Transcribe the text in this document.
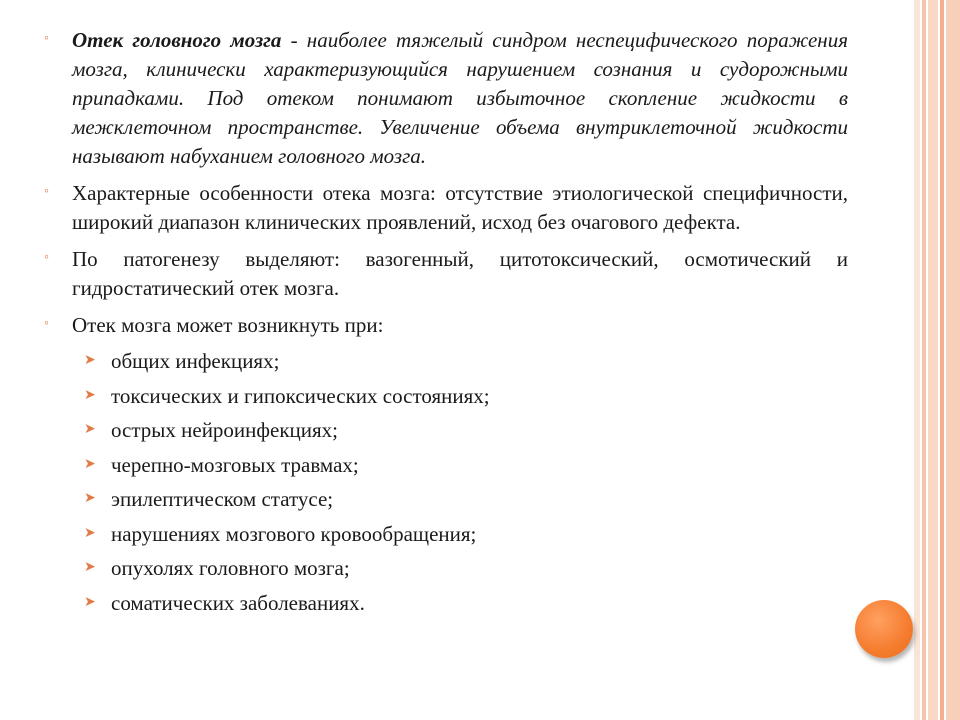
◦ Отек головного мозга - наиболее тяжелый синдром неспецифического поражения мозга, клинически характеризующийся нарушением сознания и судорожными припадками. Под отеком понимают избыточное скопление жидкости в межклеточном пространстве. Увеличение объема внутриклеточной жидкости называют набуханием головного мозга.
◦ Характерные особенности отека мозга: отсутствие этиологической специфичности, широкий диапазон клинических проявлений, исход без очагового дефекта.
◦ По патогенезу выделяют: вазогенный, цитотоксический, осмотический и гидростатический отек мозга.
◦ Отек мозга может возникнуть при:
➤ общих инфекциях;
➤ токсических и гипоксических состояниях;
➤ острых нейроинфекциях;
➤ черепно-мозговых травмах;
➤ эпилептическом статусе;
➤ нарушениях мозгового кровообращения;
➤ опухолях головного мозга;
➤ соматических заболеваниях.
